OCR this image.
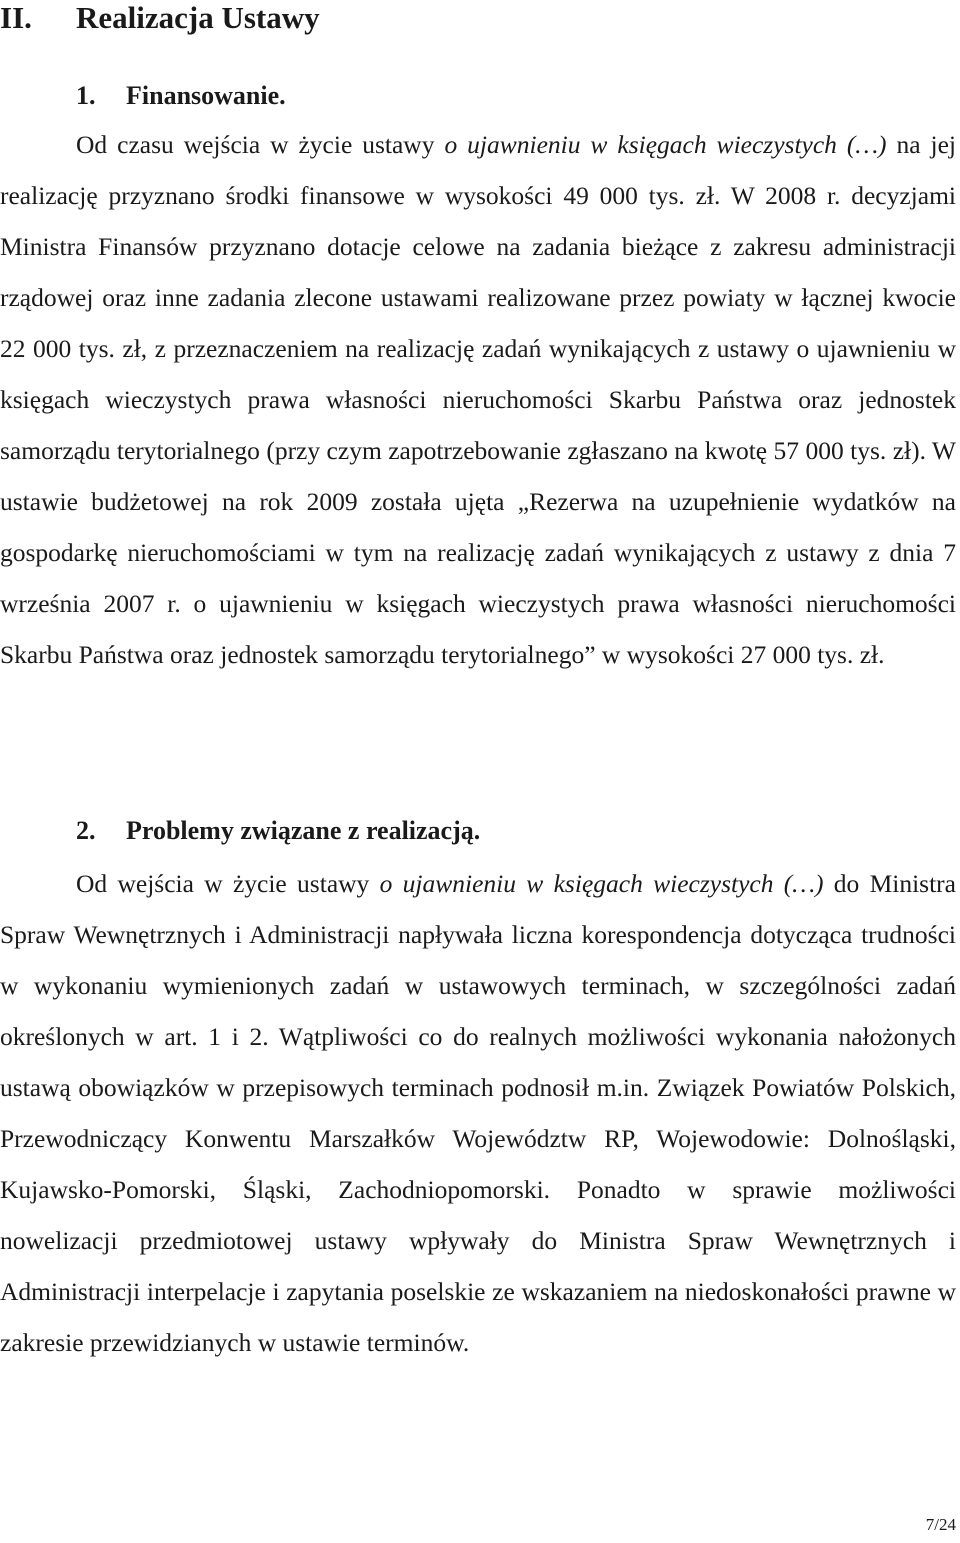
II. Realizacja Ustawy
1. Finansowanie.

Od czasu wejścia w życie ustawy o ujawnieniu w księgach wieczystych (…) na jej realizację przyznano środki finansowe w wysokości 49 000 tys. zł. W 2008 r. decyzjami Ministra Finansów przyznano dotacje celowe na zadania bieżące z zakresu administracji rządowej oraz inne zadania zlecone ustawami realizowane przez powiaty w łącznej kwocie 22 000 tys. zł, z przeznaczeniem na realizację zadań wynikających z ustawy o ujawnieniu w księgach wieczystych prawa własności nieruchomości Skarbu Państwa oraz jednostek samorządu terytorialnego (przy czym zapotrzebowanie zgłaszano na kwotę 57 000 tys. zł). W ustawie budżetowej na rok 2009 została ujęta „Rezerwa na uzupełnienie wydatków na gospodarkę nieruchomościami w tym na realizację zadań wynikających z ustawy z dnia 7 września 2007 r. o ujawnieniu w księgach wieczystych prawa własności nieruchomości Skarbu Państwa oraz jednostek samorządu terytorialnego” w wysokości 27 000 tys. zł.

2. Problemy związane z realizacją.

Od wejścia w życie ustawy o ujawnieniu w księgach wieczystych (…) do Ministra Spraw Wewnętrznych i Administracji napływała liczna korespondencja dotycząca trudności w wykonaniu wymienionych zadań w ustawowych terminach, w szczególności zadań określonych w art. 1 i 2. Wątpliwości co do realnych możliwości wykonania nałożonych ustawą obowiązków w przepisowych terminach podnosił m.in. Związek Powiatów Polskich, Przewodniczący Konwentu Marszałków Województw RP, Wojewodowie: Dolnośląski, Kujawsko-Pomorski, Śląski, Zachodniopomorski. Ponadto w sprawie możliwości nowelizacji przedmiotowej ustawy wpływały do Ministra Spraw Wewnętrznych i Administracji interpelacje i zapytania poselskie ze wskazaniem na niedoskonałości prawne w zakresie przewidzianych w ustawie terminów.

7/24
